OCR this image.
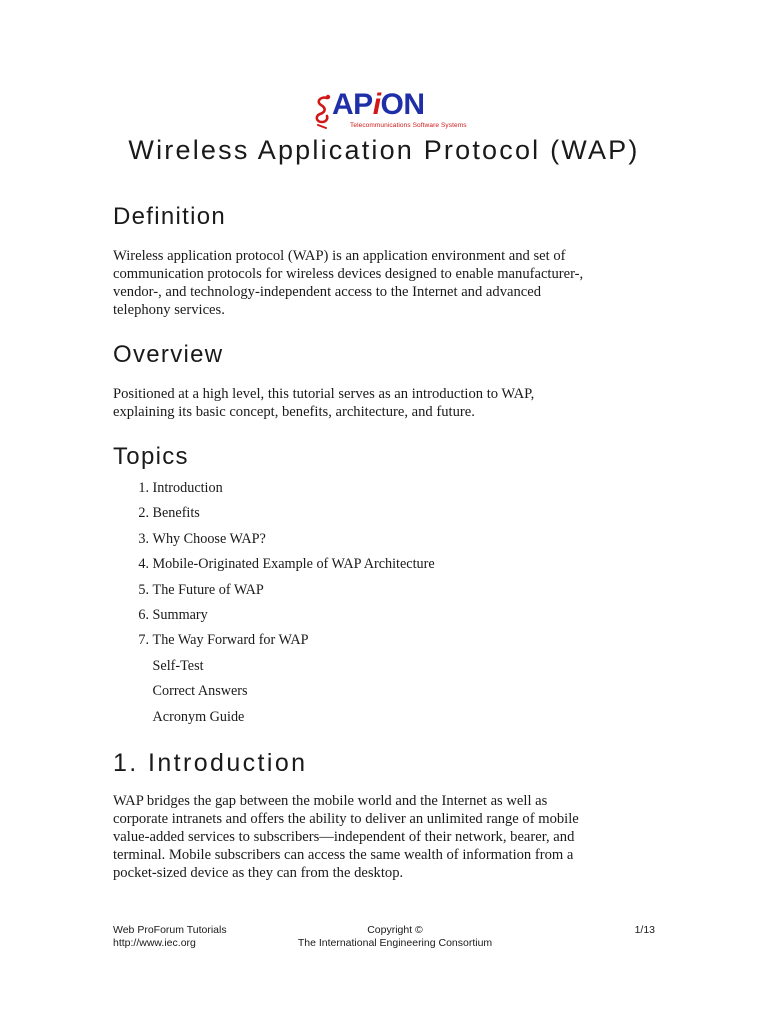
APiON
Telecommunications Software Systems
Wireless Application Protocol (WAP)
Definition

Wireless application protocol (WAP) is an application environment and set of
communication protocols for wireless devices designed to enable manufacturer-,
vendor-, and technology-independent access to the Internet and advanced
telephony services.

Overview

Positioned at a high level, this tutorial serves as an introduction to WAP,
explaining its basic concept, benefits, architecture, and future.

Topics
1. Introduction
2. Benefits
3. Why Choose WAP?
4. Mobile-Originated Example of WAP Architecture
5. The Future of WAP
6. Summary
7. The Way Forward for WAP
Self-Test
Correct Answers
Acronym Guide
1. Introduction

WAP bridges the gap between the mobile world and the Internet as well as
corporate intranets and offers the ability to deliver an unlimited range of mobile
value-added services to subscribers—independent of their network, bearer, and
terminal. Mobile subscribers can access the same wealth of information from a
pocket-sized device as they can from the desktop.

Web ProForum Tutorials
http://www.iec.org
Copyright ©
The International Engineering Consortium
1/13
